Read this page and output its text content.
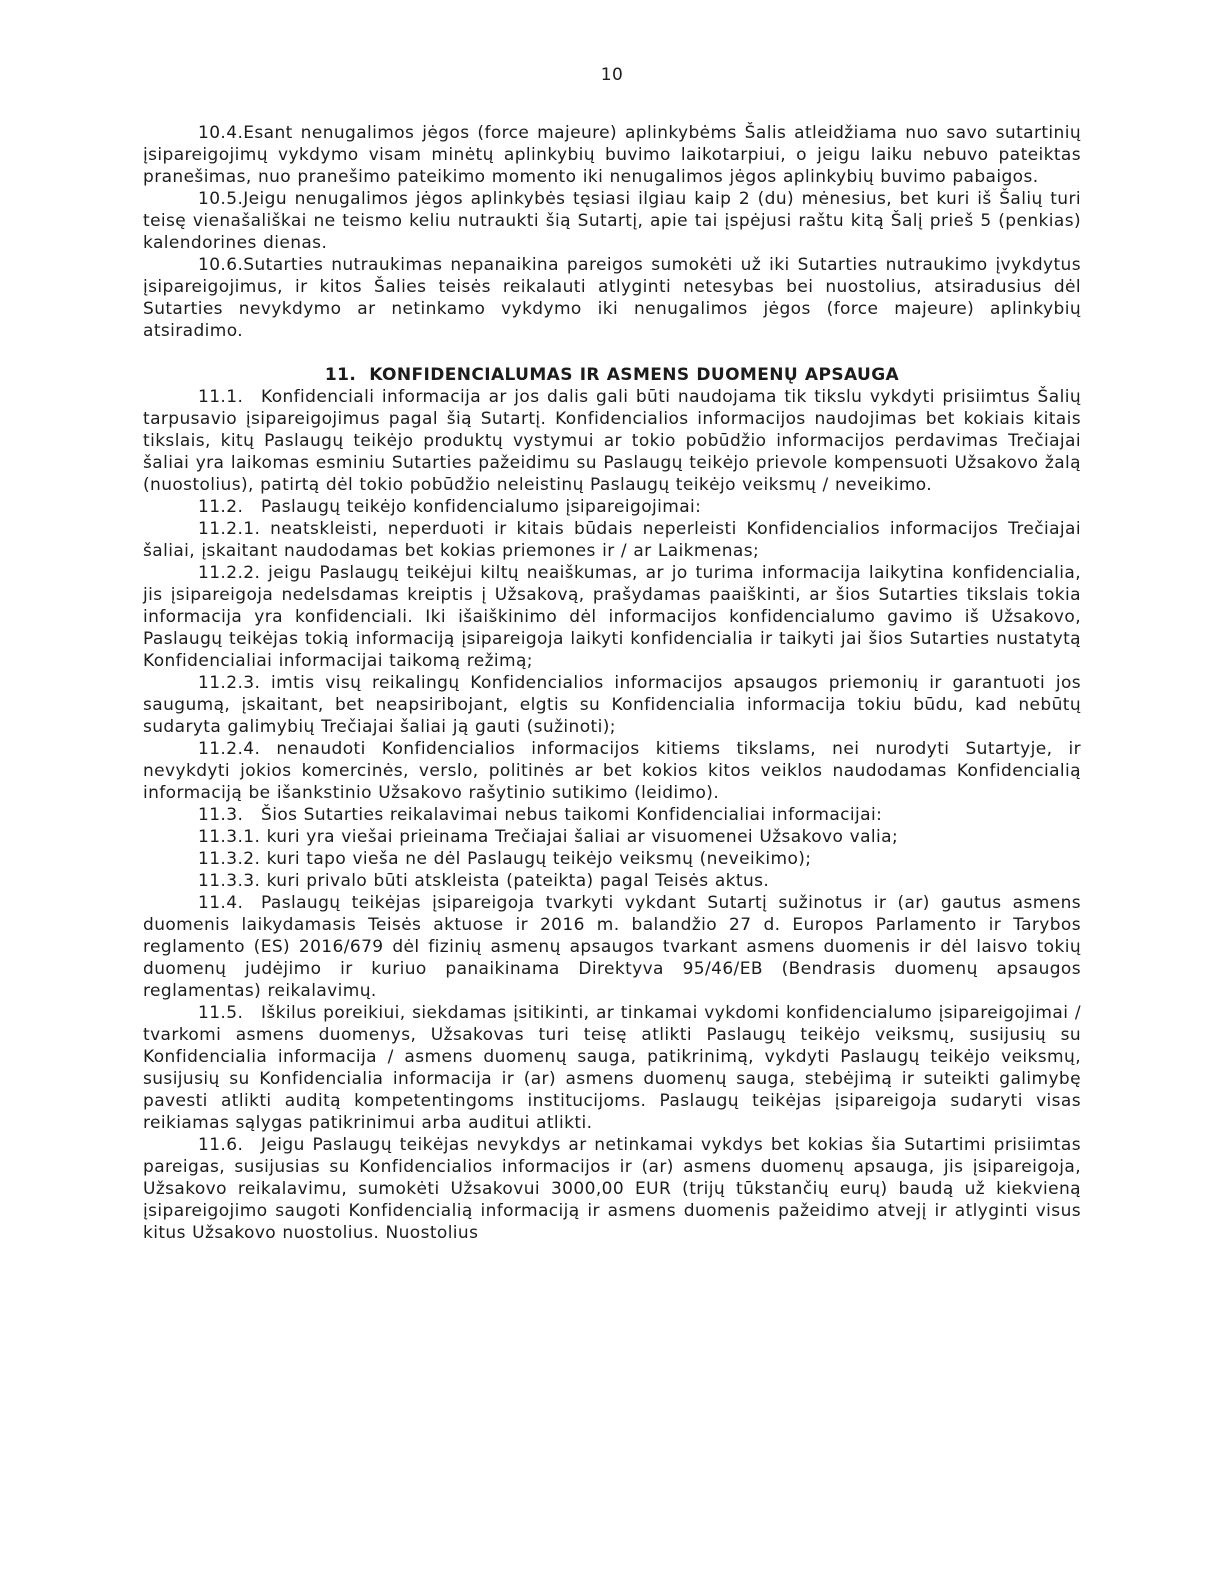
10

10.4.Esant nenugalimos jėgos (force majeure) aplinkybėms Šalis atleidžiama nuo savo sutartinių įsipareigojimų vykdymo visam minėtų aplinkybių buvimo laikotarpiui, o jeigu laiku nebuvo pateiktas pranešimas, nuo pranešimo pateikimo momento iki nenugalimos jėgos aplinkybių buvimo pabaigos.

10.5.Jeigu nenugalimos jėgos aplinkybės tęsiasi ilgiau kaip 2 (du) mėnesius, bet kuri iš Šalių turi teisę vienašališkai ne teismo keliu nutraukti šią Sutartį, apie tai įspėjusi raštu kitą Šalį prieš 5 (penkias) kalendorines dienas.

10.6.Sutarties nutraukimas nepanaikina pareigos sumokėti už iki Sutarties nutraukimo įvykdytus įsipareigojimus, ir kitos Šalies teisės reikalauti atlyginti netesybas bei nuostolius, atsiradusius dėl Sutarties nevykdymo ar netinkamo vykdymo iki nenugalimos jėgos (force majeure) aplinkybių atsiradimo.

11. KONFIDENCIALUMAS IR ASMENS DUOMENŲ APSAUGA

11.1. Konfidenciali informacija ar jos dalis gali būti naudojama tik tikslu vykdyti prisiimtus Šalių tarpusavio įsipareigojimus pagal šią Sutartį. Konfidencialios informacijos naudojimas bet kokiais kitais tikslais, kitų Paslaugų teikėjo produktų vystymui ar tokio pobūdžio informacijos perdavimas Trečiajai šaliai yra laikomas esminiu Sutarties pažeidimu su Paslaugų teikėjo prievole kompensuoti Užsakovo žalą (nuostolius), patirtą dėl tokio pobūdžio neleistinų Paslaugų teikėjo veiksmų / neveikimo.

11.2. Paslaugų teikėjo konfidencialumo įsipareigojimai:

11.2.1. neatskleisti, neperduoti ir kitais būdais neperleisti Konfidencialios informacijos Trečiajai šaliai, įskaitant naudodamas bet kokias priemones ir / ar Laikmenas;

11.2.2. jeigu Paslaugų teikėjui kiltų neaiškumas, ar jo turima informacija laikytina konfidencialia, jis įsipareigoja nedelsdamas kreiptis į Užsakovą, prašydamas paaiškinti, ar šios Sutarties tikslais tokia informacija yra konfidenciali. Iki išaiškinimo dėl informacijos konfidencialumo gavimo iš Užsakovo, Paslaugų teikėjas tokią informaciją įsipareigoja laikyti konfidencialia ir taikyti jai šios Sutarties nustatytą Konfidencialiai informacijai taikomą režimą;

11.2.3. imtis visų reikalingų Konfidencialios informacijos apsaugos priemonių ir garantuoti jos saugumą, įskaitant, bet neapsiribojant, elgtis su Konfidencialia informacija tokiu būdu, kad nebūtų sudaryta galimybių Trečiajai šaliai ją gauti (sužinoti);

11.2.4. nenaudoti Konfidencialios informacijos kitiems tikslams, nei nurodyti Sutartyje, ir nevykdyti jokios komercinės, verslo, politinės ar bet kokios kitos veiklos naudodamas Konfidencialią informaciją be išankstinio Užsakovo rašytinio sutikimo (leidimo).

11.3. Šios Sutarties reikalavimai nebus taikomi Konfidencialiai informacijai:

11.3.1. kuri yra viešai prieinama Trečiajai šaliai ar visuomenei Užsakovo valia;

11.3.2. kuri tapo vieša ne dėl Paslaugų teikėjo veiksmų (neveikimo);

11.3.3. kuri privalo būti atskleista (pateikta) pagal Teisės aktus.

11.4. Paslaugų teikėjas įsipareigoja tvarkyti vykdant Sutartį sužinotus ir (ar) gautus asmens duomenis laikydamasis Teisės aktuose ir 2016 m. balandžio 27 d. Europos Parlamento ir Tarybos reglamento (ES) 2016/679 dėl fizinių asmenų apsaugos tvarkant asmens duomenis ir dėl laisvo tokių duomenų judėjimo ir kuriuo panaikinama Direktyva 95/46/EB (Bendrasis duomenų apsaugos reglamentas) reikalavimų.

11.5. Iškilus poreikiui, siekdamas įsitikinti, ar tinkamai vykdomi konfidencialumo įsipareigojimai / tvarkomi asmens duomenys, Užsakovas turi teisę atlikti Paslaugų teikėjo veiksmų, susijusių su Konfidencialia informacija / asmens duomenų sauga, patikrinimą, vykdyti Paslaugų teikėjo veiksmų, susijusių su Konfidencialia informacija ir (ar) asmens duomenų sauga, stebėjimą ir suteikti galimybę pavesti atlikti auditą kompetentingoms institucijoms. Paslaugų teikėjas įsipareigoja sudaryti visas reikiamas sąlygas patikrinimui arba auditui atlikti.

11.6. Jeigu Paslaugų teikėjas nevykdys ar netinkamai vykdys bet kokias šia Sutartimi prisiimtas pareigas, susijusias su Konfidencialios informacijos ir (ar) asmens duomenų apsauga, jis įsipareigoja, Užsakovo reikalavimu, sumokėti Užsakovui 3000,00 EUR (trijų tūkstančių eurų) baudą už kiekvieną įsipareigojimo saugoti Konfidencialią informaciją ir asmens duomenis pažeidimo atvejį ir atlyginti visus kitus Užsakovo nuostolius. Nuostolius
